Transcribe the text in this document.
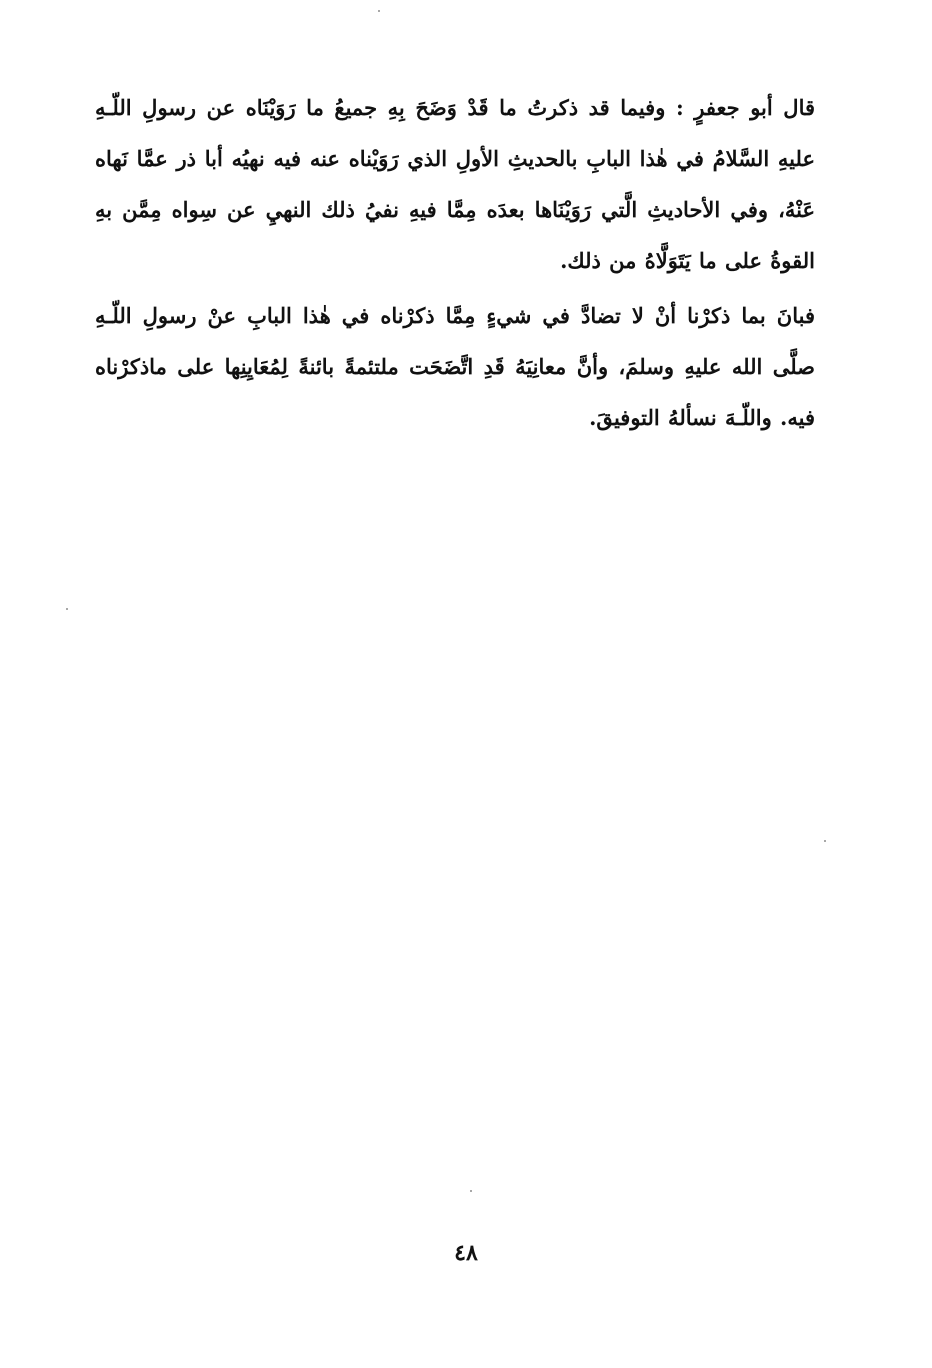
قال أبو جعفرٍ : وفيما قد ذكرتُ ما قَدْ وَضَحَ بِهِ جميعُ ما رَوَيْنَاه عن رسولِ اللّـهِ عليهِ السَّلامُ في هٰذا البابِ بالحديثِ الأولِ الذي رَوَيْناه عنه فيه نهيُه أبا ذر عمَّا نَهاه عَنْهُ، وفي الأحاديثِ الَّتي رَوَيْنَاها بعدَه مِمَّا فيهِ نفيُ ذلك النهيِ عن سِواه مِمَّن بهِ القوةُ على ما يَتَوَلَّاهُ من ذلك.

فبانَ بما ذكرْنا أنْ لا تضادَّ في شيءٍ مِمَّا ذكرْناه في هٰذا البابِ عنْ رسولِ اللّـهِ صلَّى الله عليهِ وسلمَ، وأنَّ معانِيَهُ قَدِ اتَّضَحَت ملتئمةً بائنةً لِمُعَايِنِها على ماذكرْناه فيه. واللّـهَ نسألهُ التوفيقَ.

٤٨
